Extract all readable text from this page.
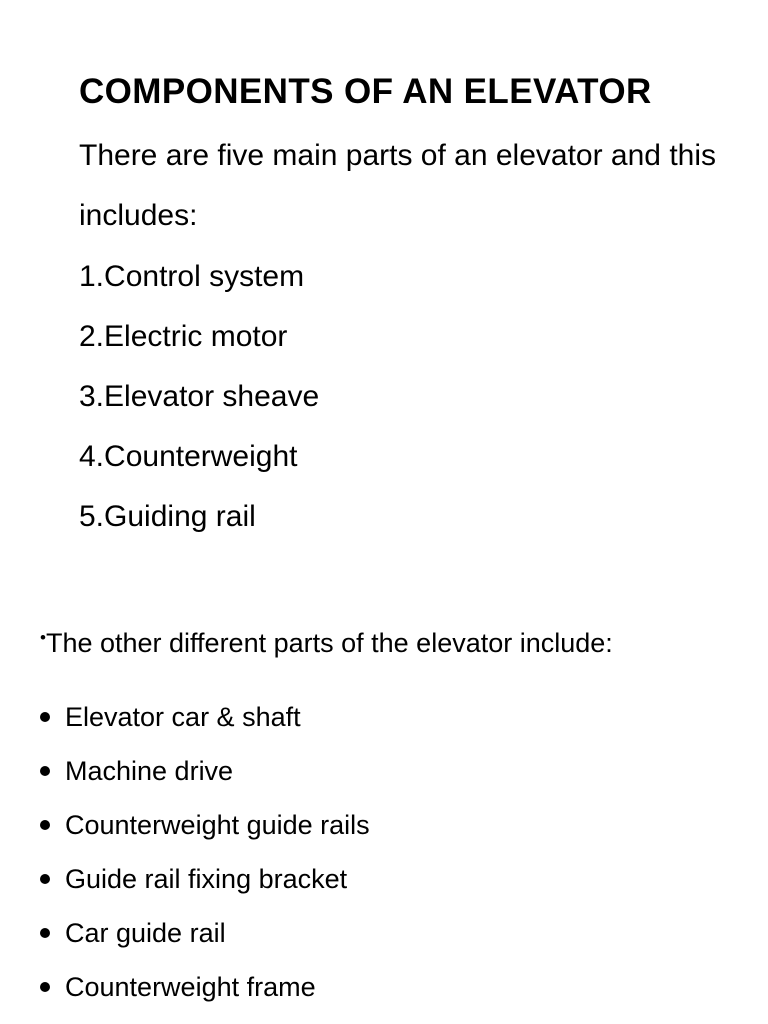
COMPONENTS OF AN ELEVATOR

There are five main parts of an elevator and this includes:

1.Control system
2.Electric motor
3.Elevator sheave
4.Counterweight
5.Guiding rail

•The other different parts of the elevator include:

Elevator car & shaft
Machine drive
Counterweight guide rails
Guide rail fixing bracket
Car guide rail
Counterweight frame
